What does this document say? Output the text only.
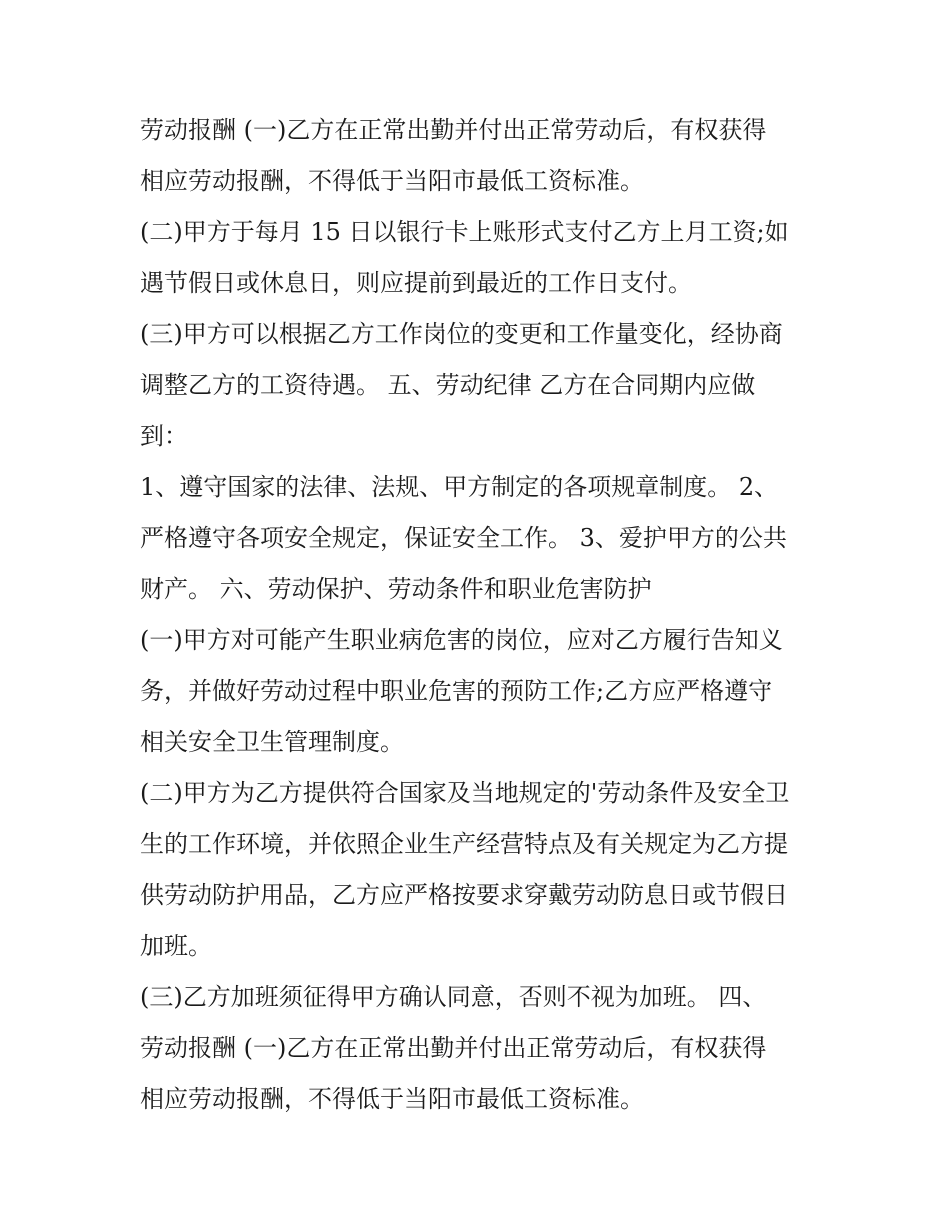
劳动报酬 (一)乙方在正常出勤并付出正常劳动后，有权获得
相应劳动报酬，不得低于当阳市最低工资标准。
(二)甲方于每月 15 日以银行卡上账形式支付乙方上月工资;如
遇节假日或休息日，则应提前到最近的工作日支付。
(三)甲方可以根据乙方工作岗位的变更和工作量变化，经协商
调整乙方的工资待遇。 五、劳动纪律 乙方在合同期内应做
到：
1、遵守国家的法律、法规、甲方制定的各项规章制度。 2、
严格遵守各项安全规定，保证安全工作。 3、爱护甲方的公共
财产。 六、劳动保护、劳动条件和职业危害防护
(一)甲方对可能产生职业病危害的岗位，应对乙方履行告知义
务，并做好劳动过程中职业危害的预防工作;乙方应严格遵守
相关安全卫生管理制度。
(二)甲方为乙方提供符合国家及当地规定的'劳动条件及安全卫
生的工作环境，并依照企业生产经营特点及有关规定为乙方提
供劳动防护用品，乙方应严格按要求穿戴劳动防息日或节假日
加班。
(三)乙方加班须征得甲方确认同意，否则不视为加班。 四、
劳动报酬 (一)乙方在正常出勤并付出正常劳动后，有权获得
相应劳动报酬，不得低于当阳市最低工资标准。
